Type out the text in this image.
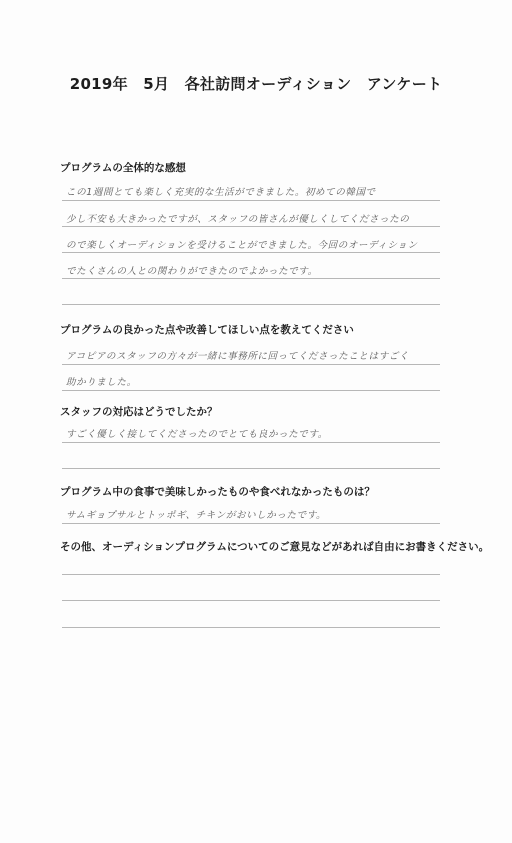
2019年　5月　各社訪問オーディション　アンケート
プログラムの全体的な感想
この1週間とても楽しく充実的な生活ができました。初めての韓国で
少し不安も大きかったですが、スタッフの皆さんが優しくしてくださったの
ので楽しくオーディションを受けることができました。今回のオーディション
でたくさんの人との関わりができたのでよかったです。
プログラムの良かった点や改善してほしい点を教えてください
アコピアのスタッフの方々が一緒に事務所に回ってくださったことはすごく
助かりました。
スタッフの対応はどうでしたか？
すごく優しく接してくださったのでとても良かったです。
プログラム中の食事で美味しかったものや食べれなかったものは？
サムギョプサルとトッポギ、チキンがおいしかったです。
その他、オーディションプログラムについてのご意見などがあれば自由にお書きください。
